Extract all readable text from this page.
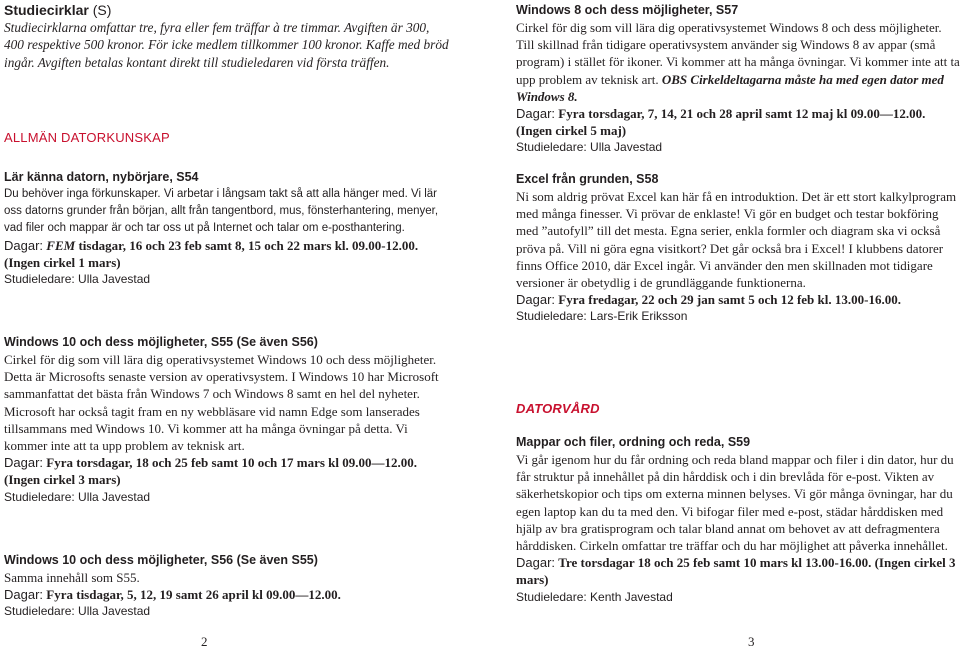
Studiecirklar (S)

Studiecirklarna omfattar tre, fyra eller fem träffar à tre timmar. Avgiften är 300, 400 respektive 500 kronor. För icke medlem tillkommer 100 kronor. Kaffe med bröd ingår. Avgiften betalas kontant direkt till studieledaren vid första träffen.

ALLMÄN DATORKUNSKAP

Lär känna datorn, nybörjare, S54

Du behöver inga förkunskaper. Vi arbetar i långsam takt så att alla hänger med. Vi lär oss datorns grunder från början, allt från tangentbord, mus, fönsterhantering, menyer, vad filer och mappar är och tar oss ut på Internet och talar om e-posthantering.

Dagar: FEM tisdagar, 16 och 23 feb samt 8, 15 och 22 mars kl. 09.00-12.00.

(Ingen cirkel 1 mars)

Studieledare: Ulla Javestad

Windows 10 och dess möjligheter, S55 (Se även S56)

Cirkel för dig som vill lära dig operativsystemet Windows 10 och dess möjligheter. Detta är Microsofts senaste version av operativsystem. I Windows 10 har Microsoft sammanfattat det bästa från Windows 7 och Windows 8 samt en hel del nyheter. Microsoft har också tagit fram en ny webbläsare vid namn Edge som lanserades tillsammans med Windows 10. Vi kommer att ha många övningar på detta. Vi kommer inte att ta upp problem av teknisk art.

Dagar: Fyra torsdagar, 18 och 25 feb samt 10 och 17 mars kl 09.00—12.00.

(Ingen cirkel 3 mars)

Studieledare: Ulla Javestad

Windows 10 och dess möjligheter, S56 (Se även S55)

Samma innehåll som S55.

Dagar: Fyra tisdagar, 5, 12, 19 samt 26 april kl 09.00—12.00.

Studieledare: Ulla Javestad

2

Windows 8 och dess möjligheter, S57

Cirkel för dig som vill lära dig operativsystemet Windows 8 och dess möjligheter. Till skillnad från tidigare operativsystem använder sig Windows 8 av appar (små program) i stället för ikoner. Vi kommer att ha många övningar. Vi kommer inte att ta upp problem av teknisk art. OBS Cirkeldeltagarna måste ha med egen dator med Windows 8.

Dagar: Fyra torsdagar, 7, 14, 21 och 28 april samt 12 maj kl 09.00—12.00.

(Ingen cirkel 5 maj)

Studieledare: Ulla Javestad

Excel från grunden, S58

Ni som aldrig prövat Excel kan här få en introduktion. Det är ett stort kalkylprogram med många finesser. Vi prövar de enklaste! Vi gör en budget och testar bokföring med ”autofyll” till det mesta. Egna serier, enkla formler och diagram ska vi också pröva på. Vill ni göra egna visitkort? Det går också bra i Excel! I klubbens datorer finns Office 2010, där Excel ingår. Vi använder den men skillnaden mot tidigare versioner är obetydlig i de grundläggande funktionerna.

Dagar: Fyra fredagar, 22 och 29 jan samt 5 och 12 feb kl. 13.00-16.00.

Studieledare: Lars-Erik Eriksson

DATORVÅRD

Mappar och filer, ordning och reda, S59

Vi går igenom hur du får ordning och reda bland mappar och filer i din dator, hur du får struktur på innehållet på din hårddisk och i din brevlåda för e-post. Vikten av säkerhetskopior och tips om externa minnen belyses. Vi gör många övningar, har du egen laptop kan du ta med den. Vi bifogar filer med e-post, städar hårddisken med hjälp av bra gratisprogram och talar bland annat om behovet av att defragmentera hårddisken. Cirkeln omfattar tre träffar och du har möjlighet att påverka innehållet.

Dagar: Tre torsdagar 18 och 25 feb samt 10 mars kl 13.00-16.00. (Ingen cirkel 3 mars)

Studieledare: Kenth Javestad

3
